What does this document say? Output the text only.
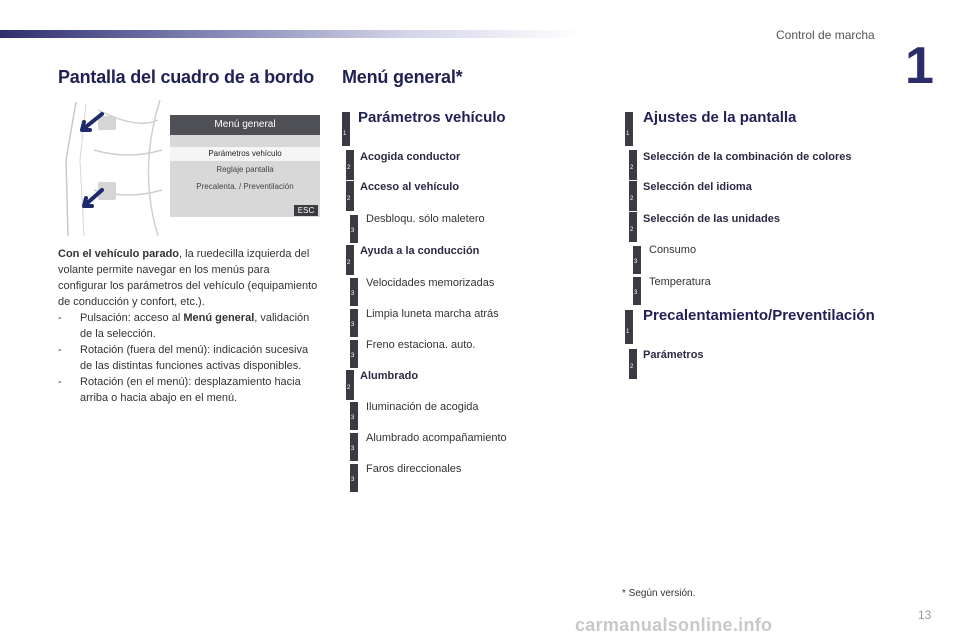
Control de marcha
1
Pantalla del cuadro de a bordo
Menú general
Parámetros vehículo
Reglaje pantalla
Precalenta. / Preventilación
ESC

Con el vehículo parado, la ruedecilla izquierda del volante permite navegar en los menús para configurar los parámetros del vehículo (equipamiento de conducción y confort, etc.).

-	Pulsación: acceso al Menú general, validación de la selección.
-	Rotación (fuera del menú): indicación sucesiva de las distintas funciones activas disponibles.
-	Rotación (en el menú): desplazamiento hacia arriba o hacia abajo en el menú.
Menú general*
1
Parámetros vehículo
2
Acogida conductor
2
Acceso al vehículo
3
Desbloqu. sólo maletero
2
Ayuda a la conducción
3
Velocidades memorizadas
3
Limpia luneta marcha atrás
3
Freno estaciona. auto.
2
Alumbrado
3
Iluminación de acogida
3
Alumbrado acompañamiento
3
Faros direccionales
1
Ajustes de la pantalla
2
Selección de la combinación de colores
2
Selección del idioma
2
Selección de las unidades
3
Consumo
3
Temperatura
1
Precalentamiento/Preventilación
2
Parámetros
* Según versión.
carmanualsonline.info	13
